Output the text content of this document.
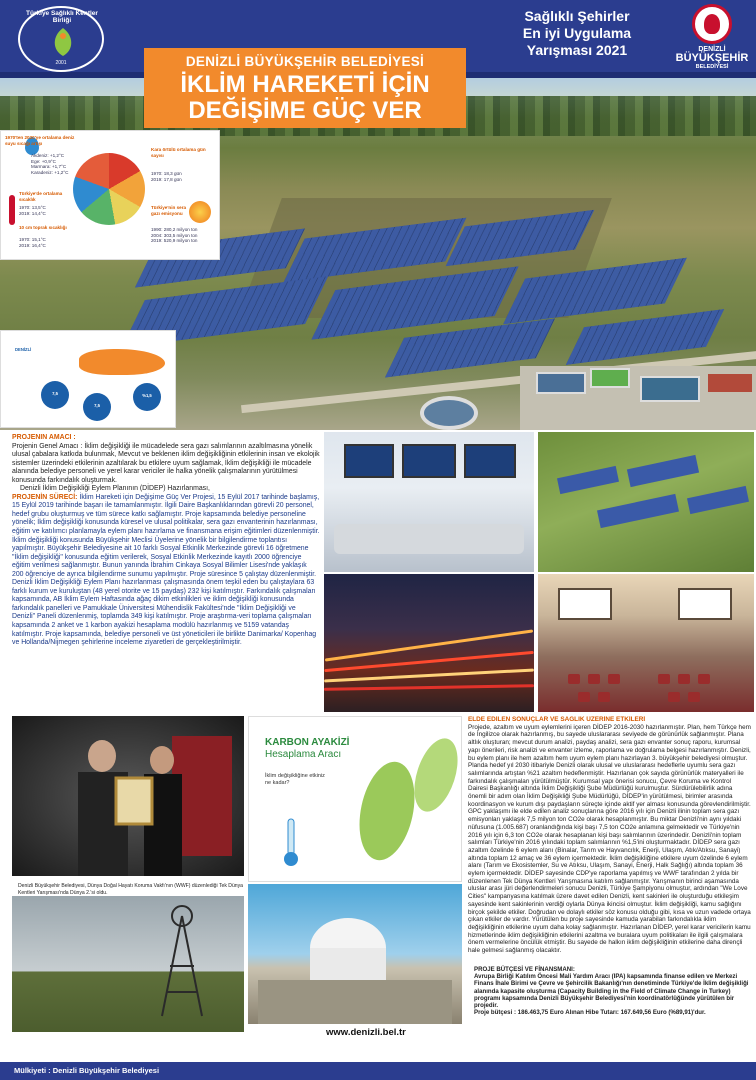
Türkiye Sağlıklı Kentler Birliği
2001
Sağlıklı Şehirler
En iyi Uygulama
Yarışması 2021	DENİZLİ
BÜYÜKŞEHİR
BELEDİYESİ
DENİZLİ BÜYÜKŞEHİR BELEDİYESİ
İKLİM HAREKETİ İÇİN
DEĞİŞİME GÜÇ VER
1970'ten 2020'ye ortalama deniz suyu sıcağı artışı
Akdeniz: +1,2°C
Ege: +0,9°C
Marmara: +1,7°C
Karadeniz: +1,2°C
Türkiye'de ortalama sıcaklık
1970: 13,5°C
2019: 14,4°C
10 cm toprak sıcaklığı
1970: 15,1°C
2019: 16,4°C
Kara örtülü ortalama gün sayısı
1970: 18,3 gün
2019: 17,8 gün
Türkiye'nin sera gazı emisyonu
1990: 280,2 milyon ton
2004: 303,5 milyon ton
2019: 520,9 milyon ton
DENİZLİ
7,5
7,5
%1,5
PROJENİN AMACI :
Projenin Genel Amacı : İklim değişikliği ile mücadelede sera gazı salımlarının azaltılmasına yönelik ulusal çabalara katkıda bulunmak, Mevcut ve beklenen iklim değişikliğinin etkilerinin insan ve ekolojik sistemler üzerindeki etkilerinin azaltılarak bu etkilere uyum sağlamak, İklim değişikliği ile mücadele alanında belediye personeli ve yerel karar vericiler ile halka yönelik çalışmalarının yürütülmesi konusunda farkındalık oluşturmak.
Denizli İklim Değişikliği Eylem Planının (DİDEP) Hazırlanması,
PROJENİN SÜRECİ: İklim Hareketi için Değişime Güç Ver Projesi, 15 Eylül 2017 tarihinde başlamış, 15 Eylül 2019 tarihinde başarı ile tamamlanmıştır. İlgili Daire Başkanlıklarından görevli 20 personel, hedef grubu oluşturmuş ve tüm sürece katkı sağlamıştır. Proje kapsamında belediye personeline yönelik; İklim değişikliği konusunda küresel ve ulusal politikalar, sera gazı envanterinin hazırlanması, eğitim ve katılımcı planlamayla eylem planı hazırlama ve finansmana erişim eğitimleri düzenlenmiştir. İklim değişikliği konusunda Büyükşehir Meclisi Üyelerine yönelik bir bilgilendirme toplantısı yapılmıştır. Büyükşehir Belediyesine ait 10 farklı Sosyal Etkinlik Merkezinde görevli 16 öğretmene "İklim değişikliği" konusunda eğitim verilerek, Sosyal Etkinlik Merkezinde kayıtlı 2000 öğrenciye eğitim verilmesi sağlanmıştır. Bunun yanında İbrahim Cinkaya Sosyal Bilimler Lisesi'nde yaklaşık 200 öğrenciye de ayrıca bilgilendirme sunumu yapılmıştır. Proje süresince 5 çalıştay düzenlenmiştir. Denizli İklim Değişikliği Eylem Planı hazırlanması çalışmasında önem teşkil eden bu çalıştaylara 63 farklı kurum ve kuruluştan (48 yerel otorite ve 15 paydaş) 232 kişi katılmıştır. Farkındalık çalışmaları kapsamında, AB İklim Eylem Haftasında ağaç dikim etkinlikleri ve iklim değişikliği konusunda farkındalık panelleri ve Pamukkale Üniversitesi Mühendislik Fakültesi'nde "İklim Değişikliği ve Denizli" Paneli düzenlenmiş, toplamda 349 kişi katılmıştır. Proje araştırma-veri toplama çalışmaları kapsamında 2 anket ve 1 karbon ayakizi hesaplama modülü hazırlanmış ve 5159 vatandaş katılmıştır. Proje kapsamında, belediye personeli ve üst yöneticileri ile birlikte Danimarka/ Kopenhag ve Hollanda/Nijmegen şehirlerine inceleme ziyaretleri de gerçekleştirilmiştir.
Denizli Büyükşehir Belediyesi, Dünya Doğal Hayatı Koruma Vakfı'nın (WWF) düzenlediği Tek Dünya Kentleri Yarışması'nda Dünya 2.'si oldu.
KARBON AYAKİZİ
Hesaplama Aracı
İklim değişikliğine etkiniz ne kadar?
www.denizli.bel.tr
ELDE EDİLEN SONUÇLAR VE SAĞLIK ÜZERİNE ETKİLERİ
Projede, azaltım ve uyum eylemlerini içeren DİDEP 2016-2030 hazırlanmıştır. Plan, hem Türkçe hem de İngilizce olarak hazırlanmış, bu sayede uluslararası seviyede de görünürlük sağlanmıştır. Plana altlık oluşturan; mevcut durum analizi, paydaş analizi, sera gazı envanter sonuç raporu, kurumsal yapı önerileri, risk analizi ve envanter izleme, raporlama ve doğrulama belgesi hazırlanmıştır. Denizli, bu eylem planı ile hem azaltım hem uyum eylem planı hazırlayan 3. büyükşehir belediyesi olmuştur. Planda hedef yıl 2030 itibariyle Denizli olarak ulusal ve uluslararası hedeflerle uyumlu sera gazı salımlarında artıştan %21 azaltım hedeflenmiştir. Hazırlanan çok sayıda görünürlük materyalleri ile farkındalık çalışmaları yürütülmüştür. Kurumsal yapı önerisi sonucu, Çevre Koruma ve Kontrol Dairesi Başkanlığı altında İklim Değişikliği Şube Müdürlüğü kurulmuştur. Sürdürülebilirlik adına önemli bir adım olan İklim Değişikliği Şube Müdürlüğü, DİDEP'in yürütülmesi, birimler arasında koordinasyon ve kurum dışı paydaşların süreçte içinde aktif yer alması konusunda görevlendirilmiştir. GPC yaklaşımı ile elde edilen analiz sonuçlarına göre 2016 yılı için Denizli ilinin toplam sera gazı emisyonları yaklaşık 7,5 milyon ton CO2e olarak hesaplanmıştır. Bu miktar Denizli'nin aynı yıldaki nüfusuna (1.005.687) oranlandığında kişi başı 7,5 ton CO2e anlamına gelmektedir ve Türkiye'nin 2016 yılı için 6,3 ton CO2e olarak hesaplanan kişi başı salımlarının üzerindedir. Denizli'nin toplam salımları Türkiye'nin 2016 yılındaki toplam salımlarının %1,5'ini oluşturmaktadır. DİDEP sera gazı azaltım özelinde 6 eylem alanı (Binalar, Tarım ve Hayvancılık, Enerji, Ulaşım, Atık/Atıksu, Sanayi) altında toplam 12 amaç ve 36 eylem içermektedir. İklim değişikliğine etkilere uyum özelinde 6 eylem alanı (Tarım ve Ekosistemler, Su ve Atıksu, Ulaşım, Sanayi, Enerji, Halk Sağlığı) altında toplam 36 eylem içermektedir. DİDEP sayesinde CDP'ye raporlama yapılmış ve WWF tarafından 2 yılda bir düzenlenen Tek Dünya Kentleri Yarışmasına katılım sağlanmıştır. Yarışmanın birinci aşamasında uluslar arası jüri değerlendirmeleri sonucu Denizli, Türkiye Şampiyonu olmuştur, ardından "We Love Cities" kampanyasına katılmak üzere davet edilen Denizli, kent sakinleri ile oluşturduğu etkileşim sayesinde kent sakinlerinin verdiği oylarla Dünya ikincisi olmuştur. İklim değişikliği, kamu sağlığını birçok şekilde etkiler. Doğrudan ve dolaylı etkiler söz konusu olduğu gibi, kısa ve uzun vadede ortaya çıkan etkiler de vardır. Yürütülen bu proje sayesinde kamuda yarabilan farkındalıkla iklim değişikliğinin etkilerine uyum daha kolay sağlanmıştır. Hazırlanan DİDEP, yerel karar vericilerin kamu hizmetlerinde iklim değişikliğinin etkilerini azaltma ve buralara uyum politikaları ile ilgili çalışmalara önem vermelerine öncülük etmiştir. Bu sayede de halkın iklim değişikliğinin etkilerine daha dirençli hale gelmesi sağlanmış olacaktır.
PROJE BÜTÇESİ VE FİNANSMANI:
Avrupa Birliği Katılım Öncesi Mali Yardım Aracı (IPA) kapsamında finanse edilen ve Merkezi Finans İhale Birimi ve Çevre ve Şehircilik Bakanlığı'nın denetiminde Türkiye'de İklim değişikliği alanında kapasite oluşturma (Capacity Building in the Field of Climate Change in Turkey) programı kapsamında Denizli Büyükşehir Belediyesi'nin koordinatörlüğünde yürütülen bir projedir.
Proje bütçesi : 186.463,75 Euro Alınan Hibe Tutarı: 167.649,56 Euro (%89,91)'dur.
Mülkiyeti : Denizli Büyükşehir Belediyesi
